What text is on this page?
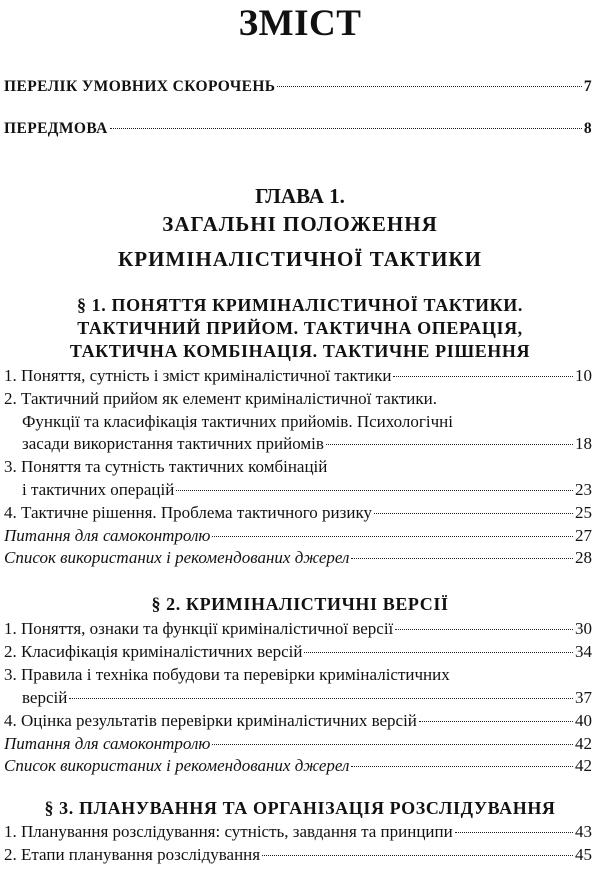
ЗМІСТ
ПЕРЕЛІК УМОВНИХ СКОРОЧЕНЬ	7
ПЕРЕДМОВА	8
ГЛАВА 1.
ЗАГАЛЬНІ ПОЛОЖЕННЯ
КРИМІНАЛІСТИЧНОЇ ТАКТИКИ
§ 1. ПОНЯТТЯ КРИМІНАЛІСТИЧНОЇ ТАКТИКИ.
ТАКТИЧНИЙ ПРИЙОМ. ТАКТИЧНА ОПЕРАЦІЯ,
ТАКТИЧНА КОМБІНАЦІЯ. ТАКТИЧНЕ РІШЕННЯ
1. Поняття, сутність і зміст криміналістичної тактики	10
2. Тактичний прийом як елемент криміналістичної тактики.
Функції та класифікація тактичних прийомів. Психологічні
засади використання тактичних прийомів	18
3. Поняття та сутність тактичних комбінацій
і тактичних операцій	23
4. Тактичне рішення. Проблема тактичного ризику	25
Питання для самоконтролю	27
Список використаних і рекомендованих джерел	28
§ 2. КРИМІНАЛІСТИЧНІ ВЕРСІЇ
1. Поняття, ознаки та функції криміналістичної версії	30
2. Класифікація криміналістичних версій	34
3. Правила і техніка побудови та перевірки криміналістичних
версій	37
4. Оцінка результатів перевірки криміналістичних версій	40
Питання для самоконтролю	42
Список використаних і рекомендованих джерел	42
§ 3. ПЛАНУВАННЯ ТА ОРГАНІЗАЦІЯ РОЗСЛІДУВАННЯ
1. Планування розслідування: сутність, завдання та принципи	43
2. Етапи планування розслідування	45
